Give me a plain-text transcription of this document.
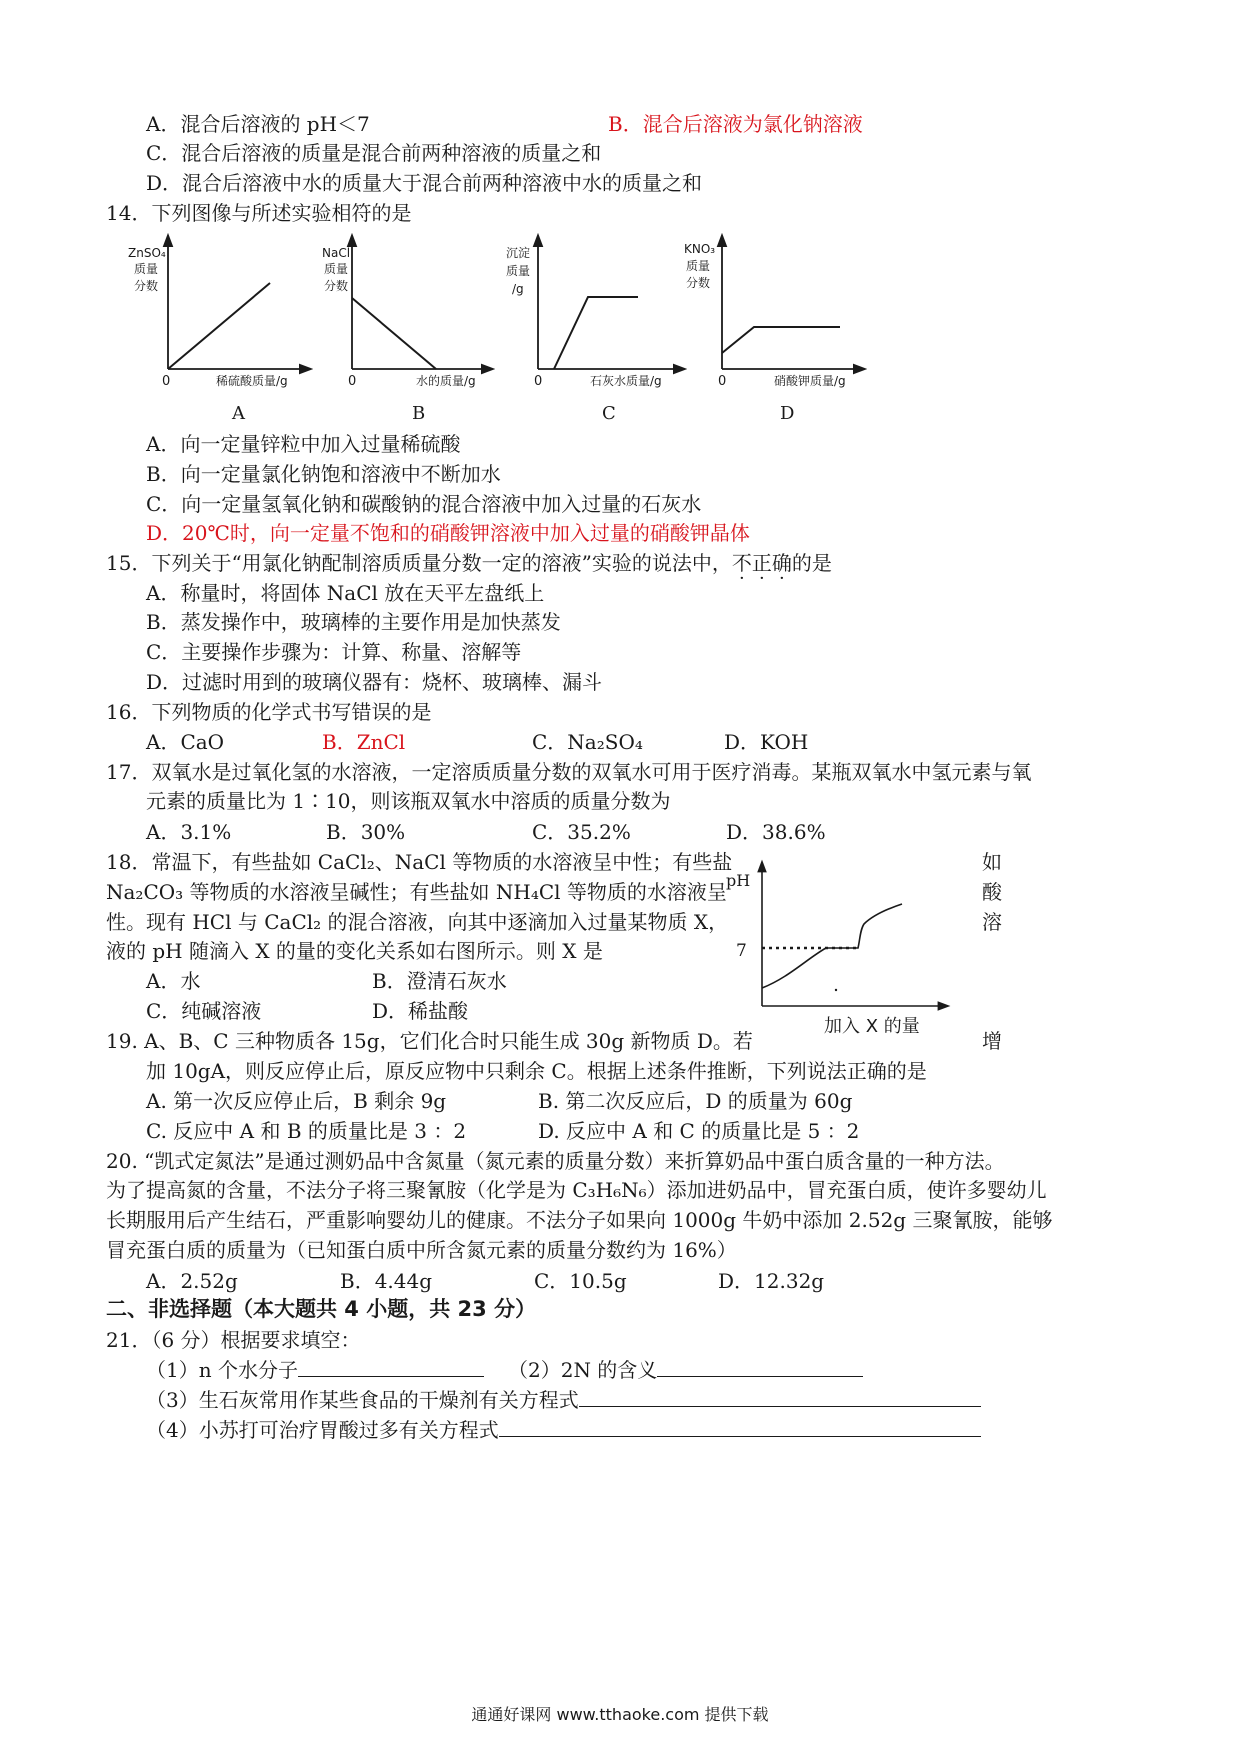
A．混合后溶液的 pH＜7	B．混合后溶液为氯化钠溶液
C．混合后溶液的质量是混合前两种溶液的质量之和
D．混合后溶液中水的质量大于混合前两种溶液中水的质量之和
14．下列图像与所述实验相符的是
ZnSO₄
质量
分数
0	稀硫酸质量/g
A
NaCl
质量
分数
0	水的质量/g
B
沉淀
质量
/g
0	石灰水质量/g
C
KNO₃
质量
分数
0	硝酸钾质量/g
D
A．向一定量锌粒中加入过量稀硫酸
B．向一定量氯化钠饱和溶液中不断加水
C．向一定量氢氧化钠和碳酸钠的混合溶液中加入过量的石灰水
D．20℃时，向一定量不饱和的硝酸钾溶液中加入过量的硝酸钾晶体
15．下列关于“用氯化钠配制溶质质量分数一定的溶液”实验的说法中，不正确的是
A．称量时，将固体 NaCl 放在天平左盘纸上
B．蒸发操作中，玻璃棒的主要作用是加快蒸发
C．主要操作步骤为：计算、称量、溶解等
D．过滤时用到的玻璃仪器有：烧杯、玻璃棒、漏斗
16．下列物质的化学式书写错误的是
A．CaO	B．ZnCl	C．Na₂SO₄	D．KOH
17．双氧水是过氧化氢的水溶液，一定溶质质量分数的双氧水可用于医疗消毒。某瓶双氧水中氢元素与氧
元素的质量比为 1∶10，则该瓶双氧水中溶质的质量分数为
A．3.1%	B．30%	C．35.2%	D．38.6%
18．常温下，有些盐如 CaCl₂、NaCl 等物质的水溶液呈中性；有些盐
Na₂CO₃ 等物质的水溶液呈碱性；有些盐如 NH₄Cl 等物质的水溶液呈
性。现有 HCl 与 CaCl₂ 的混合溶液，向其中逐滴加入过量某物质 X，
液的 pH 随滴入 X 的量的变化关系如右图所示。则 X 是
如
酸
溶
A．水	B．澄清石灰水
C．纯碱溶液	D．稀盐酸
pH
7
加入 X 的量
19. A、B、C 三种物质各 15g，它们化合时只能生成 30g 新物质 D。若	增
加 10gA，则反应停止后，原反应物中只剩余 C。根据上述条件推断，下列说法正确的是
A. 第一次反应停止后，B 剩余 9g	B. 第二次反应后，D 的质量为 60g
C. 反应中 A 和 B 的质量比是 3 ：2	D. 反应中 A 和 C 的质量比是 5 ：2
20. “凯式定氮法”是通过测奶品中含氮量（氮元素的质量分数）来折算奶品中蛋白质含量的一种方法。
为了提高氮的含量，不法分子将三聚氰胺（化学是为 C₃H₆N₆）添加进奶品中，冒充蛋白质，使许多婴幼儿
长期服用后产生结石，严重影响婴幼儿的健康。不法分子如果向 1000g 牛奶中添加 2.52g 三聚氰胺，能够
冒充蛋白质的质量为（已知蛋白质中所含氮元素的质量分数约为 16%）
A．2.52g	B．4.44g	C．10.5g	D．12.32g
二、非选择题（本大题共 4 小题，共 23 分）
21．（6 分）根据要求填空：
（1）n 个水分子	（2）2N 的含义
（3）生石灰常用作某些食品的干燥剂有关方程式
（4）小苏打可治疗胃酸过多有关方程式
通通好课网 www.tthaoke.com 提供下载
